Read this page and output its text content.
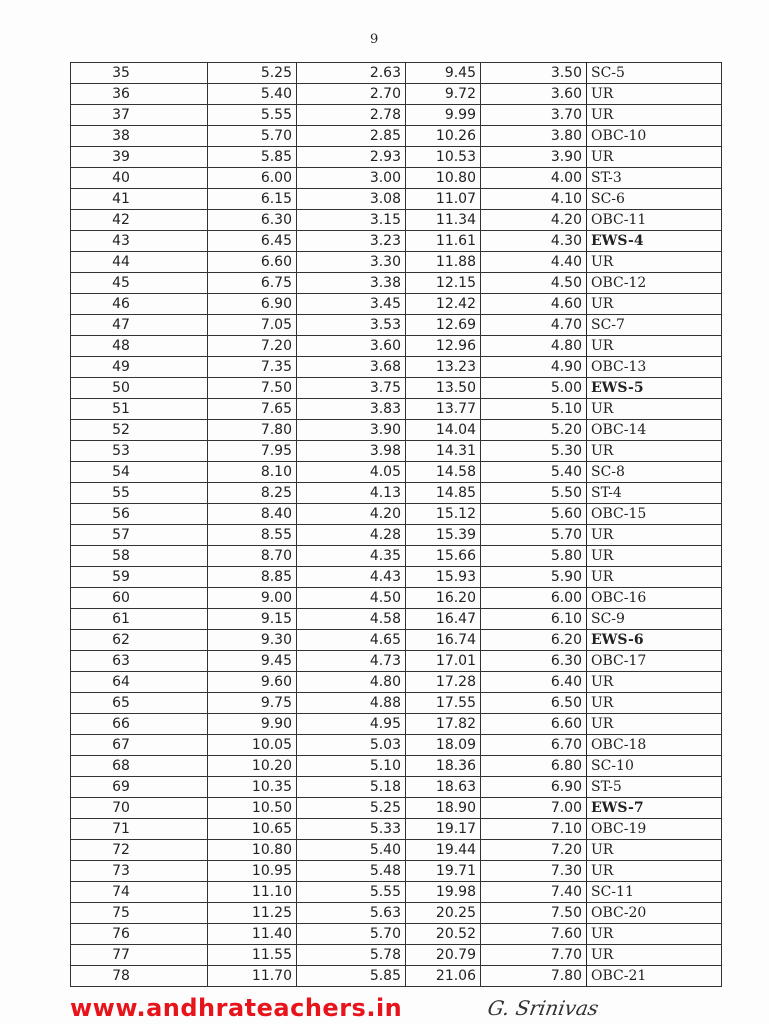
9
35	5.25	2.63	9.45	3.50	SC-5
36	5.40	2.70	9.72	3.60	UR
37	5.55	2.78	9.99	3.70	UR
38	5.70	2.85	10.26	3.80	OBC-10
39	5.85	2.93	10.53	3.90	UR
40	6.00	3.00	10.80	4.00	ST-3
41	6.15	3.08	11.07	4.10	SC-6
42	6.30	3.15	11.34	4.20	OBC-11
43	6.45	3.23	11.61	4.30	EWS-4
44	6.60	3.30	11.88	4.40	UR
45	6.75	3.38	12.15	4.50	OBC-12
46	6.90	3.45	12.42	4.60	UR
47	7.05	3.53	12.69	4.70	SC-7
48	7.20	3.60	12.96	4.80	UR
49	7.35	3.68	13.23	4.90	OBC-13
50	7.50	3.75	13.50	5.00	EWS-5
51	7.65	3.83	13.77	5.10	UR
52	7.80	3.90	14.04	5.20	OBC-14
53	7.95	3.98	14.31	5.30	UR
54	8.10	4.05	14.58	5.40	SC-8
55	8.25	4.13	14.85	5.50	ST-4
56	8.40	4.20	15.12	5.60	OBC-15
57	8.55	4.28	15.39	5.70	UR
58	8.70	4.35	15.66	5.80	UR
59	8.85	4.43	15.93	5.90	UR
60	9.00	4.50	16.20	6.00	OBC-16
61	9.15	4.58	16.47	6.10	SC-9
62	9.30	4.65	16.74	6.20	EWS-6
63	9.45	4.73	17.01	6.30	OBC-17
64	9.60	4.80	17.28	6.40	UR
65	9.75	4.88	17.55	6.50	UR
66	9.90	4.95	17.82	6.60	UR
67	10.05	5.03	18.09	6.70	OBC-18
68	10.20	5.10	18.36	6.80	SC-10
69	10.35	5.18	18.63	6.90	ST-5
70	10.50	5.25	18.90	7.00	EWS-7
71	10.65	5.33	19.17	7.10	OBC-19
72	10.80	5.40	19.44	7.20	UR
73	10.95	5.48	19.71	7.30	UR
74	11.10	5.55	19.98	7.40	SC-11
75	11.25	5.63	20.25	7.50	OBC-20
76	11.40	5.70	20.52	7.60	UR
77	11.55	5.78	20.79	7.70	UR
78	11.70	5.85	21.06	7.80	OBC-21
www.andhrateachers.in	G. Srinivas
